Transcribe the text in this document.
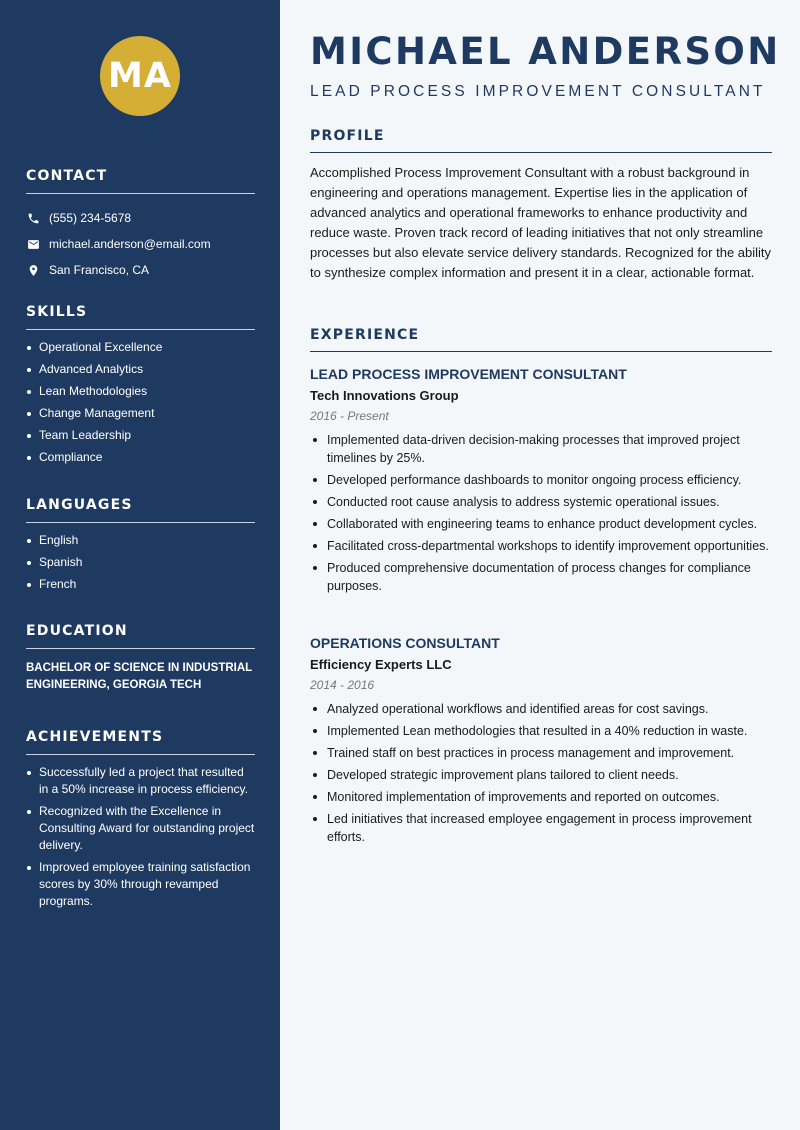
MA
CONTACT
(555) 234-5678
michael.anderson@email.com
San Francisco, CA
SKILLS
Operational Excellence
Advanced Analytics
Lean Methodologies
Change Management
Team Leadership
Compliance
LANGUAGES
English
Spanish
French
EDUCATION
BACHELOR OF SCIENCE IN INDUSTRIAL ENGINEERING, GEORGIA TECH
ACHIEVEMENTS
Successfully led a project that resulted in a 50% increase in process efficiency.
Recognized with the Excellence in Consulting Award for outstanding project delivery.
Improved employee training satisfaction scores by 30% through revamped programs.
MICHAEL ANDERSON
LEAD PROCESS IMPROVEMENT CONSULTANT
PROFILE

Accomplished Process Improvement Consultant with a robust background in engineering and operations management. Expertise lies in the application of advanced analytics and operational frameworks to enhance productivity and reduce waste. Proven track record of leading initiatives that not only streamline processes but also elevate service delivery standards. Recognized for the ability to synthesize complex information and present it in a clear, actionable format.

EXPERIENCE
LEAD PROCESS IMPROVEMENT CONSULTANT
Tech Innovations Group
2016 - Present
Implemented data-driven decision-making processes that improved project timelines by 25%.
Developed performance dashboards to monitor ongoing process efficiency.
Conducted root cause analysis to address systemic operational issues.
Collaborated with engineering teams to enhance product development cycles.
Facilitated cross-departmental workshops to identify improvement opportunities.
Produced comprehensive documentation of process changes for compliance purposes.
OPERATIONS CONSULTANT
Efficiency Experts LLC
2014 - 2016
Analyzed operational workflows and identified areas for cost savings.
Implemented Lean methodologies that resulted in a 40% reduction in waste.
Trained staff on best practices in process management and improvement.
Developed strategic improvement plans tailored to client needs.
Monitored implementation of improvements and reported on outcomes.
Led initiatives that increased employee engagement in process improvement efforts.
